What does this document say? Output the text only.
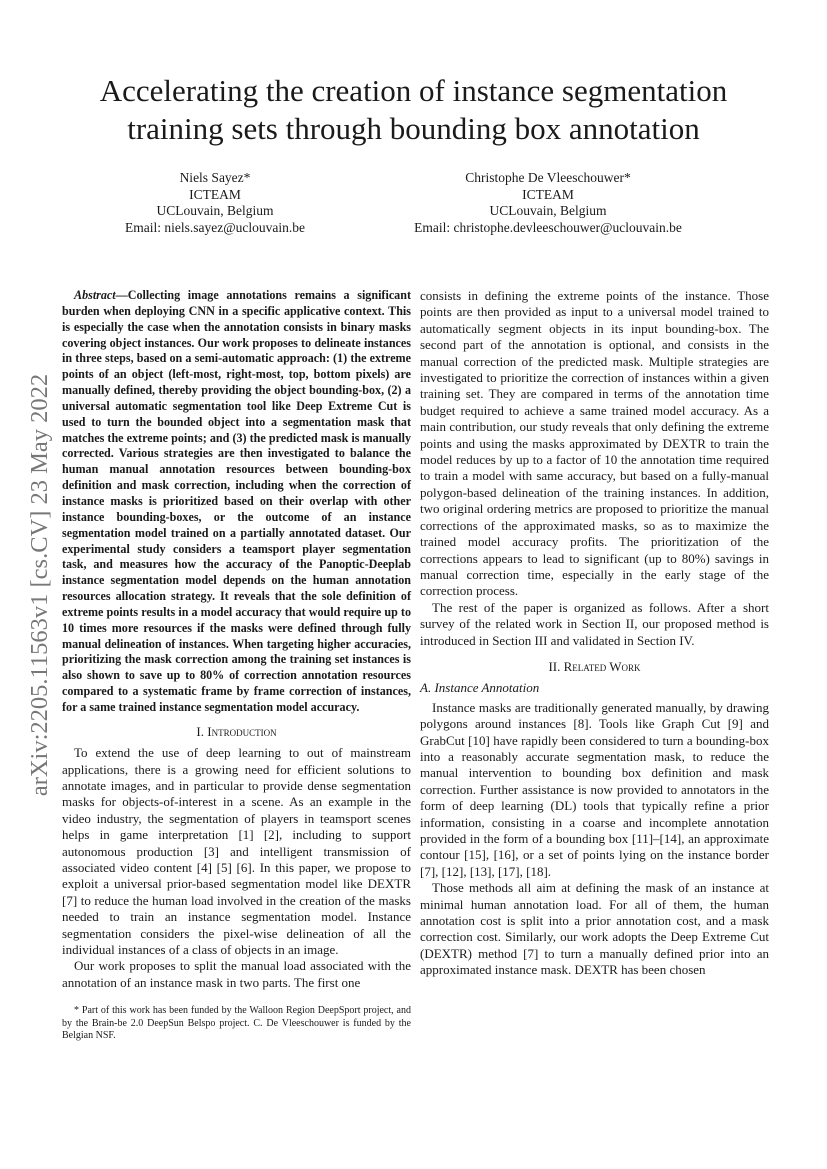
arXiv:2205.11563v1 [cs.CV] 23 May 2022
Accelerating the creation of instance segmentation
training sets through bounding box annotation
Niels Sayez*
ICTEAM
UCLouvain, Belgium
Email: niels.sayez@uclouvain.be
Christophe De Vleeschouwer*
ICTEAM
UCLouvain, Belgium
Email: christophe.devleeschouwer@uclouvain.be

Abstract—Collecting image annotations remains a significant burden when deploying CNN in a specific applicative context. This is especially the case when the annotation consists in binary masks covering object instances. Our work proposes to delineate instances in three steps, based on a semi-automatic approach: (1) the extreme points of an object (left-most, right-most, top, bottom pixels) are manually defined, thereby providing the object bounding-box, (2) a universal automatic segmentation tool like Deep Extreme Cut is used to turn the bounded object into a segmentation mask that matches the extreme points; and (3) the predicted mask is manually corrected. Various strategies are then investigated to balance the human manual annotation resources between bounding-box definition and mask correction, including when the correction of instance masks is prioritized based on their overlap with other instance bounding-boxes, or the outcome of an instance segmentation model trained on a partially annotated dataset. Our experimental study considers a teamsport player segmentation task, and measures how the accuracy of the Panoptic-Deeplab instance segmentation model depends on the human annotation resources allocation strategy. It reveals that the sole definition of extreme points results in a model accuracy that would require up to 10 times more resources if the masks were defined through fully manual delineation of instances. When targeting higher accuracies, prioritizing the mask correction among the training set instances is also shown to save up to 80% of correction annotation resources compared to a systematic frame by frame correction of instances, for a same trained instance segmentation model accuracy.

I. Introduction

To extend the use of deep learning to out of mainstream applications, there is a growing need for efficient solutions to annotate images, and in particular to provide dense segmentation masks for objects-of-interest in a scene. As an example in the video industry, the segmentation of players in teamsport scenes helps in game interpretation [1] [2], including to support autonomous production [3] and intelligent transmission of associated video content [4] [5] [6]. In this paper, we propose to exploit a universal prior-based segmentation model like DEXTR [7] to reduce the human load involved in the creation of the masks needed to train an instance segmentation model. Instance segmentation considers the pixel-wise delineation of all the individual instances of a class of objects in an image.

Our work proposes to split the manual load associated with the annotation of an instance mask in two parts. The first one

* Part of this work has been funded by the Walloon Region DeepSport project, and by the Brain-be 2.0 DeepSun Belspo project. C. De Vleeschouwer is funded by the Belgian NSF.

consists in defining the extreme points of the instance. Those points are then provided as input to a universal model trained to automatically segment objects in its input bounding-box. The second part of the annotation is optional, and consists in the manual correction of the predicted mask. Multiple strategies are investigated to prioritize the correction of instances within a given training set. They are compared in terms of the annotation time budget required to achieve a same trained model accuracy. As a main contribution, our study reveals that only defining the extreme points and using the masks approximated by DEXTR to train the model reduces by up to a factor of 10 the annotation time required to train a model with same accuracy, but based on a fully-manual polygon-based delineation of the training instances. In addition, two original ordering metrics are proposed to prioritize the manual corrections of the approximated masks, so as to maximize the trained model accuracy profits. The prioritization of the corrections appears to lead to significant (up to 80%) savings in manual correction time, especially in the early stage of the correction process.

The rest of the paper is organized as follows. After a short survey of the related work in Section II, our proposed method is introduced in Section III and validated in Section IV.

II. Related Work
A. Instance Annotation

Instance masks are traditionally generated manually, by drawing polygons around instances [8]. Tools like Graph Cut [9] and GrabCut [10] have rapidly been considered to turn a bounding-box into a reasonably accurate segmentation mask, to reduce the manual intervention to bounding box definition and mask correction. Further assistance is now provided to annotators in the form of deep learning (DL) tools that typically refine a prior information, consisting in a coarse and incomplete annotation provided in the form of a bounding box [11]–[14], an approximate contour [15], [16], or a set of points lying on the instance border [7], [12], [13], [17], [18].

Those methods all aim at defining the mask of an instance at minimal human annotation load. For all of them, the human annotation cost is split into a prior annotation cost, and a mask correction cost. Similarly, our work adopts the Deep Extreme Cut (DEXTR) method [7] to turn a manually defined prior into an approximated instance mask. DEXTR has been chosen
